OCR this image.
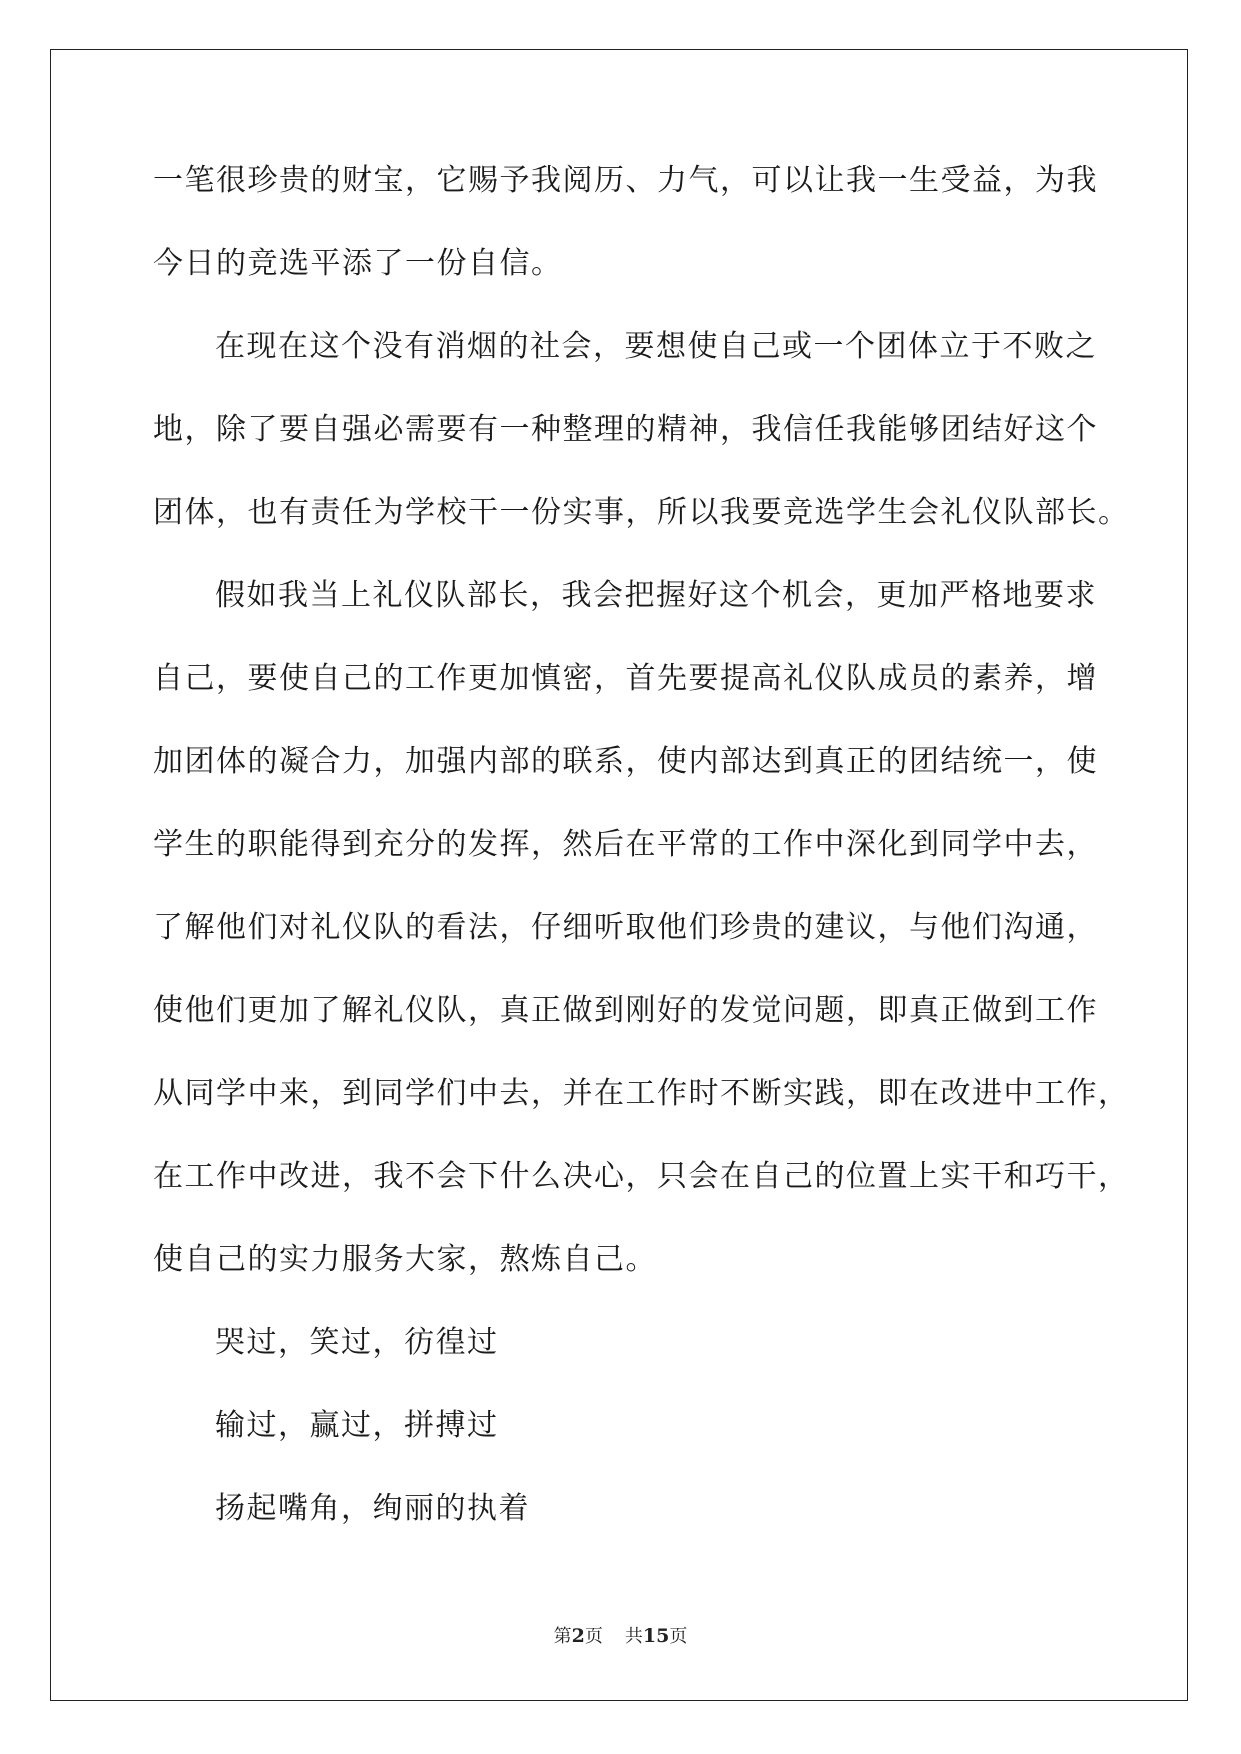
一笔很珍贵的财宝，它赐予我阅历、力气，可以让我一生受益，为我
今日的竞选平添了一份自信。
在现在这个没有消烟的社会，要想使自己或一个团体立于不败之
地，除了要自强必需要有一种整理的精神，我信任我能够团结好这个
团体，也有责任为学校干一份实事，所以我要竞选学生会礼仪队部长。
假如我当上礼仪队部长，我会把握好这个机会，更加严格地要求
自己，要使自己的工作更加慎密，首先要提高礼仪队成员的素养，增
加团体的凝合力，加强内部的联系，使内部达到真正的团结统一，使
学生的职能得到充分的发挥，然后在平常的工作中深化到同学中去，
了解他们对礼仪队的看法，仔细听取他们珍贵的建议，与他们沟通，
使他们更加了解礼仪队，真正做到刚好的发觉问题，即真正做到工作
从同学中来，到同学们中去，并在工作时不断实践，即在改进中工作，
在工作中改进，我不会下什么决心，只会在自己的位置上实干和巧干，
使自己的实力服务大家，熬炼自己。
哭过，笑过，彷徨过
输过，赢过，拼搏过
扬起嘴角，绚丽的执着
第2页 共15页
